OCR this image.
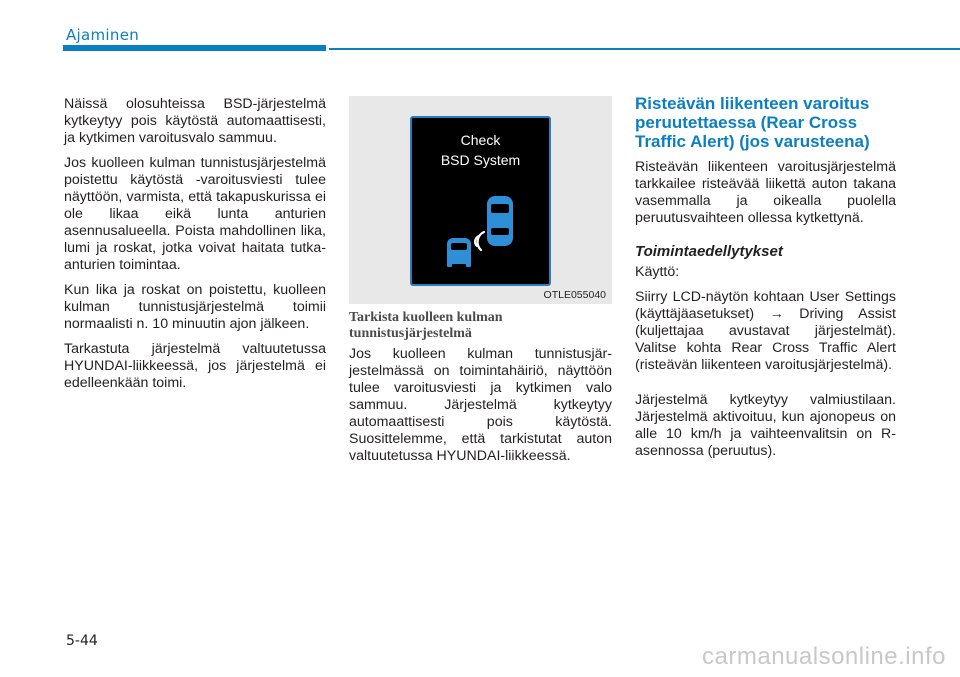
Ajaminen

Näissä olosuhteissa BSD-järjestelmä kytkeytyy pois käytöstä automaattisesti, ja kytkimen varoitusvalo sammuu.

Jos kuolleen kulman tunnistusjärjestelmä poistettu käytöstä -varoitusviesti tulee näyttöön, varmista, että takapuskurissa ei ole likaa eikä lunta anturien asennusalueella. Poista mahdollinen lika, lumi ja roskat, jotka voivat haitata tutka-anturien toimintaa.

Kun lika ja roskat on poistettu, kuolleen kulman tunnistusjärjestelmä toimii normaalisti n. 10 minuutin ajon jälkeen.

Tarkastuta järjestelmä valtuutetussa HYUNDAI-liikkeessä, jos järjestelmä ei edelleenkään toimi.

Check
BSD System
OTLE055040
Tarkista kuolleen kulman tunnistusjärjestelmä

Jos kuolleen kulman tunnistusjärjestelmässä on toimintahäiriö, näyttöön tulee varoitusviesti ja kytkimen valo sammuu. Järjestelmä kytkeytyy automaattisesti pois käytöstä. Suosittelemme, että tarkistutat auton valtuutetussa HYUNDAI-liikkeessä.

Risteävän liikenteen varoitus peruutettaessa (Rear Cross Traffic Alert) (jos varusteena)

Risteävän liikenteen varoitusjärjestelmä tarkkailee risteävää liikettä auton takana vasemmalla ja oikealla puolella peruutusvaihteen ollessa kytkettynä.

Toimintaedellytykset

Käyttö:

Siirry LCD-näytön kohtaan User Settings (käyttäjäasetukset) → Driving Assist (kuljettajaa avustavat järjestelmät). Valitse kohta Rear Cross Traffic Alert (risteävän liikenteen varoitusjärjestelmä).

Järjestelmä kytkeytyy valmiustilaan. Järjestelmä aktivoituu, kun ajonopeus on alle 10 km/h ja vaihteenvalitsin on R-asennossa (peruutus).

5-44
carmanualsonline.info
